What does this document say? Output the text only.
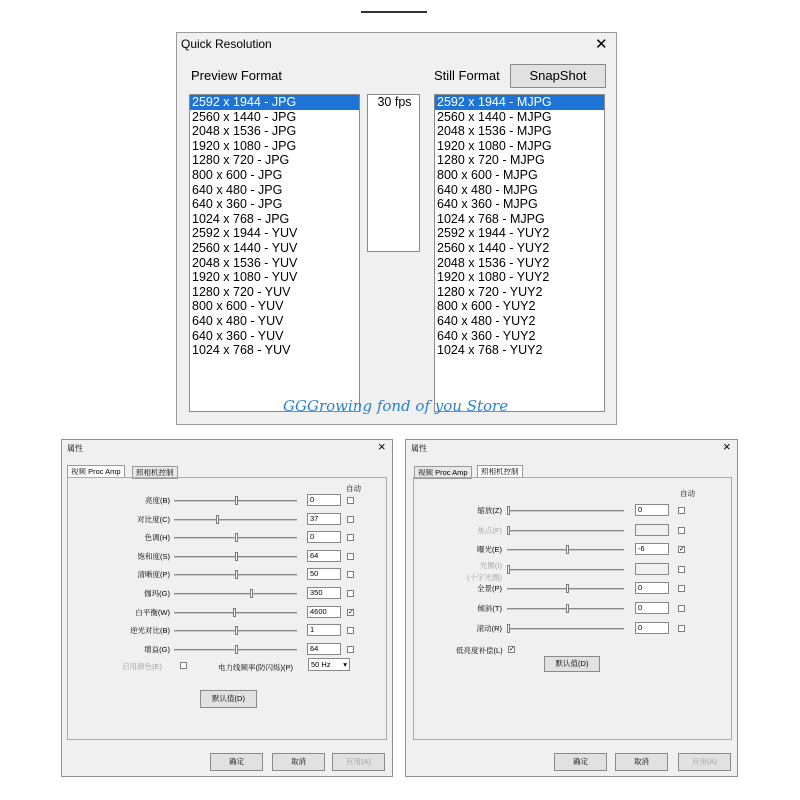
Quick Resolution	✕
Preview Format	Still Format	SnapShot
2592 x 1944 - JPG
2560 x 1440 - JPG
2048 x 1536 - JPG
1920 x 1080 - JPG
1280 x 720 - JPG
800 x 600 - JPG
640 x 480 - JPG
640 x 360 - JPG
1024 x 768 - JPG
2592 x 1944 - YUV
2560 x 1440 - YUV
2048 x 1536 - YUV
1920 x 1080 - YUV
1280 x 720 - YUV
800 x 600 - YUV
640 x 480 - YUV
640 x 360 - YUV
1024 x 768 - YUV
30 fps	2592 x 1944 - MJPG
2560 x 1440 - MJPG
2048 x 1536 - MJPG
1920 x 1080 - MJPG
1280 x 720 - MJPG
800 x 600 - MJPG
640 x 480 - MJPG
640 x 360 - MJPG
1024 x 768 - MJPG
2592 x 1944 - YUY2
2560 x 1440 - YUY2
2048 x 1536 - YUY2
1920 x 1080 - YUY2
1280 x 720 - YUY2
800 x 600 - YUY2
640 x 480 - YUY2
640 x 360 - YUY2
1024 x 768 - YUY2
GGGrowing fond of you Store
属性	×
视频 Proc Amp	照相机控制
自动
启用颜色(E)	电力线频率(防闪烁)(P)	50 Hz ▾
默认值(D)
确定	取消	应用(A)
亮度(B)	0
对比度(C)	37
色调(H)	0
饱和度(S)	64
清晰度(P)	50
伽玛(G)	350
白平衡(W)	4600	✓
逆光对比(B)	1
增益(G)	64
属性	×
视频 Proc Amp	照相机控制
自动
低亮度补偿(L) ✓
默认值(D)
确定	取消	应用(A)
缩放(Z)	0
焦点(F)
曝光(E)	-6	✓
光圈(I)
(十字光圈)
全景(P)	0
倾斜(T)	0
滚动(R)	0
